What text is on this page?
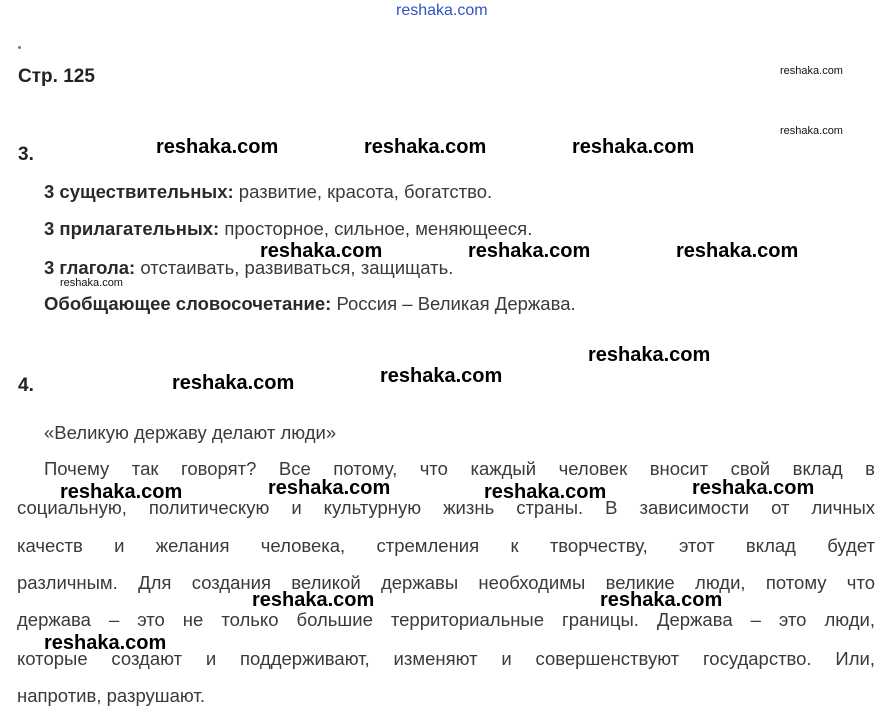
reshaka.com
Стр. 125
3.
3 существительных: развитие, красота, богатство.
3 прилагательных: просторное, сильное, меняющееся.
3 глагола: отстаивать, развиваться, защищать.
Обобщающее словосочетание: Россия – Великая Держава.
4.
«Великую державу делают люди»
Почему так говорят? Все потому, что каждый человек вносит свой вклад в
социальную, политическую и культурную жизнь страны. В зависимости от личных
качеств и желания человека, стремления к творчеству, этот вклад будет
различным. Для создания великой державы необходимы великие люди, потому что
держава – это не только большие территориальные границы. Держава – это люди,
которые создают и поддерживают, изменяют и совершенствуют государство. Или,
напротив, разрушают.
reshaka.com
reshaka.com
reshaka.com	reshaka.com	reshaka.com
reshaka.com	reshaka.com	reshaka.com
reshaka.com
reshaka.com
reshaka.com
reshaka.com
reshaka.com	reshaka.com
reshaka.com	reshaka.com
reshaka.com	reshaka.com
reshaka.com
